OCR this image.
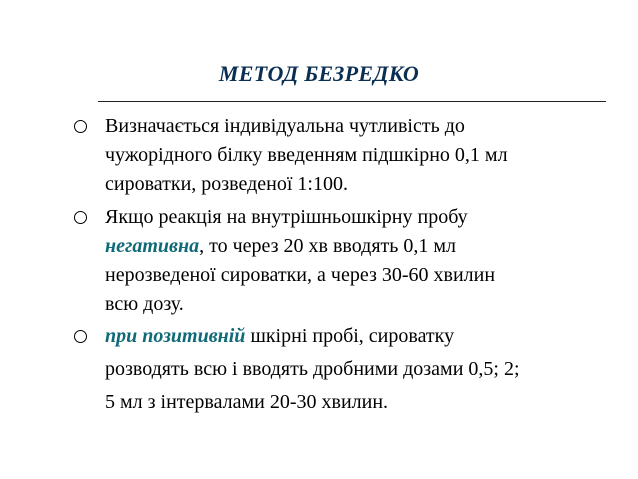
МЕТОД БЕЗРЕДКО
Визначається індивідуальна чутливість до
чужорідного білку введенням підшкірно 0,1 мл
сироватки, розведеної 1:100.
Якщо реакція на внутрішньошкірну пробу
негативна, то через 20 хв вводять 0,1 мл
нерозведеної сироватки, а через 30-60 хвилин
всю дозу.
при позитивній шкірні пробі, сироватку
розводять всю і вводять дробними дозами 0,5; 2;
5 мл з інтервалами 20-30 хвилин.
